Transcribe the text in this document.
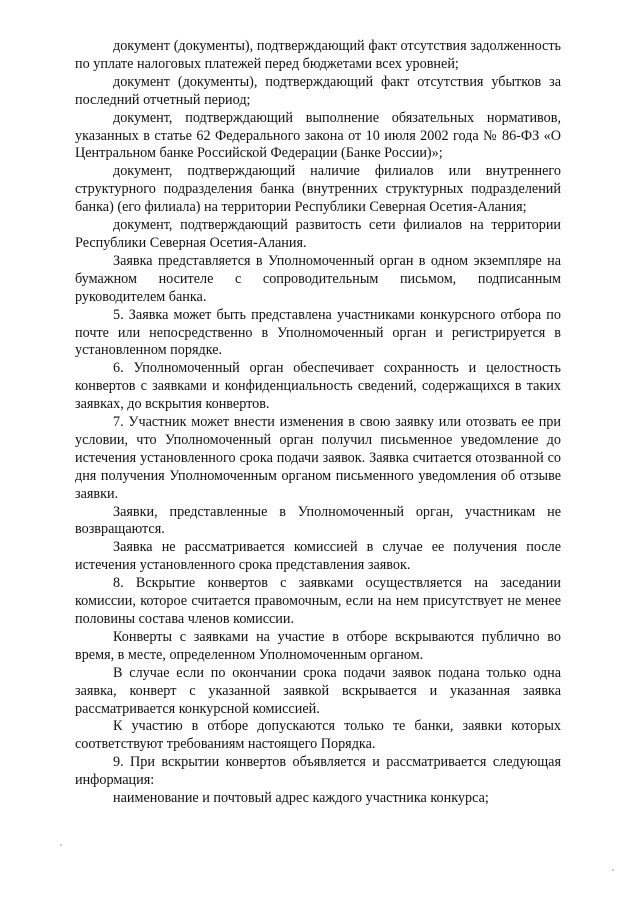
документ (документы), подтверждающий факт отсутствия задолженность по уплате налоговых платежей перед бюджетами всех уровней;

документ (документы), подтверждающий факт отсутствия убытков за последний отчетный период;

документ, подтверждающий выполнение обязательных нормативов, указанных в статье 62 Федерального закона от 10 июля 2002 года № 86-ФЗ «О Центральном банке Российской Федерации (Банке России)»;

документ, подтверждающий наличие филиалов или внутреннего структурного подразделения банка (внутренних структурных подразделений банка) (его филиала) на территории Республики Северная Осетия-Алания;

документ, подтверждающий развитость сети филиалов на территории Республики Северная Осетия-Алания.

Заявка представляется в Уполномоченный орган в одном экземпляре на бумажном носителе с сопроводительным письмом, подписанным руководителем банка.

5. Заявка может быть представлена участниками конкурсного отбора по почте или непосредственно в Уполномоченный орган и регистрируется в установленном порядке.

6. Уполномоченный орган обеспечивает сохранность и целостность конвертов с заявками и конфиденциальность сведений, содержащихся в таких заявках, до вскрытия конвертов.

7. Участник может внести изменения в свою заявку или отозвать ее при условии, что Уполномоченный орган получил письменное уведомление до истечения установленного срока подачи заявок. Заявка считается отозванной со дня получения Уполномоченным органом письменного уведомления об отзыве заявки.

Заявки, представленные в Уполномоченный орган, участникам не возвращаются.

Заявка не рассматривается комиссией в случае ее получения после истечения установленного срока представления заявок.

8. Вскрытие конвертов с заявками осуществляется на заседании комиссии, которое считается правомочным, если на нем присутствует не менее половины состава членов комиссии.

Конверты с заявками на участие в отборе вскрываются публично во время, в месте, определенном Уполномоченным органом.

В случае если по окончании срока подачи заявок подана только одна заявка, конверт с указанной заявкой вскрывается и указанная заявка рассматривается конкурсной комиссией.

К участию в отборе допускаются только те банки, заявки которых соответствуют требованиям настоящего Порядка.

9. При вскрытии конвертов объявляется и рассматривается следующая информация:

наименование и почтовый адрес каждого участника конкурса;
